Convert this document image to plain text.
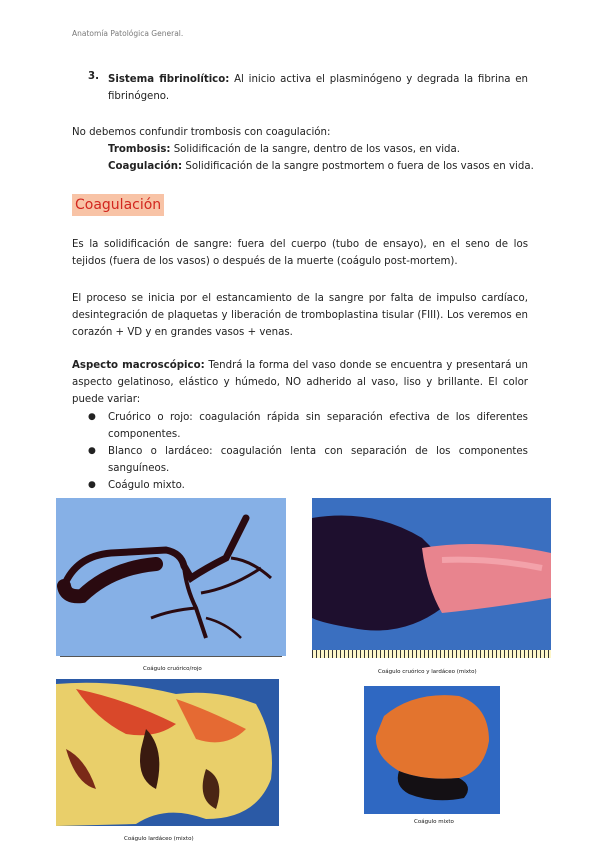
Anatomía Patológica General.
3. Sistema fibrinolítico: Al inicio activa el plasminógeno y degrada la fibrina en fibrinógeno.

No debemos confundir trombosis con coagulación:

Trombosis: Solidificación de la sangre, dentro de los vasos, en vida.
Coagulación: Solidificación de la sangre postmortem o fuera de los vasos en vida.
Coagulación

Es la solidificación de sangre: fuera del cuerpo (tubo de ensayo), en el seno de los tejidos (fuera de los vasos) o después de la muerte (coágulo post-mortem).

El proceso se inicia por el estancamiento de la sangre por falta de impulso cardíaco, desintegración de plaquetas y liberación de tromboplastina tisular (FIII). Los veremos en corazón + VD y en grandes vasos + venas.

Aspecto macroscópico: Tendrá la forma del vaso donde se encuentra y presentará un aspecto gelatinoso, elástico y húmedo, NO adherido al vaso, liso y brillante. El color puede variar:

● Cruórico o rojo: coagulación rápida sin separación efectiva de los diferentes componentes.
● Blanco o lardáceo: coagulación lenta con separación de los componentes sanguíneos.
● Coágulo mixto.
Coágulo cruórico/rojo	Coágulo cruórico y lardáceo (mixto)
Coágulo lardáceo (mixto)
Coágulo mixto
